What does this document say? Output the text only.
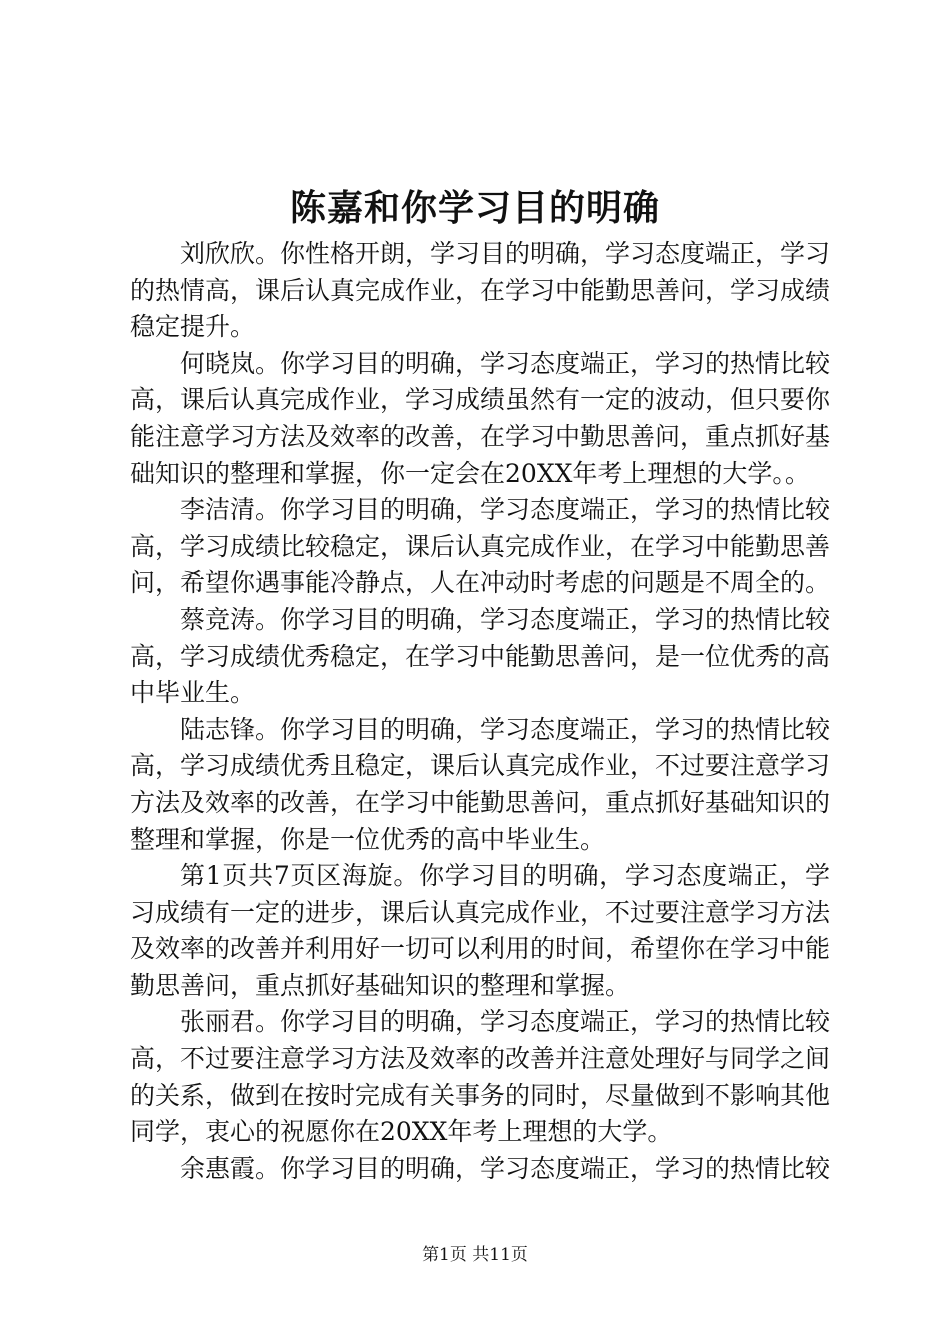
陈嘉和你学习目的明确

刘欣欣。你性格开朗，学习目的明确，学习态度端正，学习的热情高，课后认真完成作业，在学习中能勤思善问，学习成绩稳定提升。

何晓岚。你学习目的明确，学习态度端正，学习的热情比较高，课后认真完成作业，学习成绩虽然有一定的波动，但只要你能注意学习方法及效率的改善，在学习中勤思善问，重点抓好基础知识的整理和掌握，你一定会在20XX年考上理想的大学。。

李洁清。你学习目的明确，学习态度端正，学习的热情比较高，学习成绩比较稳定，课后认真完成作业，在学习中能勤思善问，希望你遇事能冷静点，人在冲动时考虑的问题是不周全的。

蔡竞涛。你学习目的明确，学习态度端正，学习的热情比较高，学习成绩优秀稳定，在学习中能勤思善问，是一位优秀的高中毕业生。

陆志锋。你学习目的明确，学习态度端正，学习的热情比较高，学习成绩优秀且稳定，课后认真完成作业，不过要注意学习方法及效率的改善，在学习中能勤思善问，重点抓好基础知识的整理和掌握，你是一位优秀的高中毕业生。

第1页共7页区海旋。你学习目的明确，学习态度端正，学习成绩有一定的进步，课后认真完成作业，不过要注意学习方法及效率的改善并利用好一切可以利用的时间，希望你在学习中能勤思善问，重点抓好基础知识的整理和掌握。

张丽君。你学习目的明确，学习态度端正，学习的热情比较高，不过要注意学习方法及效率的改善并注意处理好与同学之间的关系，做到在按时完成有关事务的同时，尽量做到不影响其他同学，衷心的祝愿你在20XX年考上理想的大学。

余惠霞。你学习目的明确，学习态度端正，学习的热情比较

第1页 共11页
